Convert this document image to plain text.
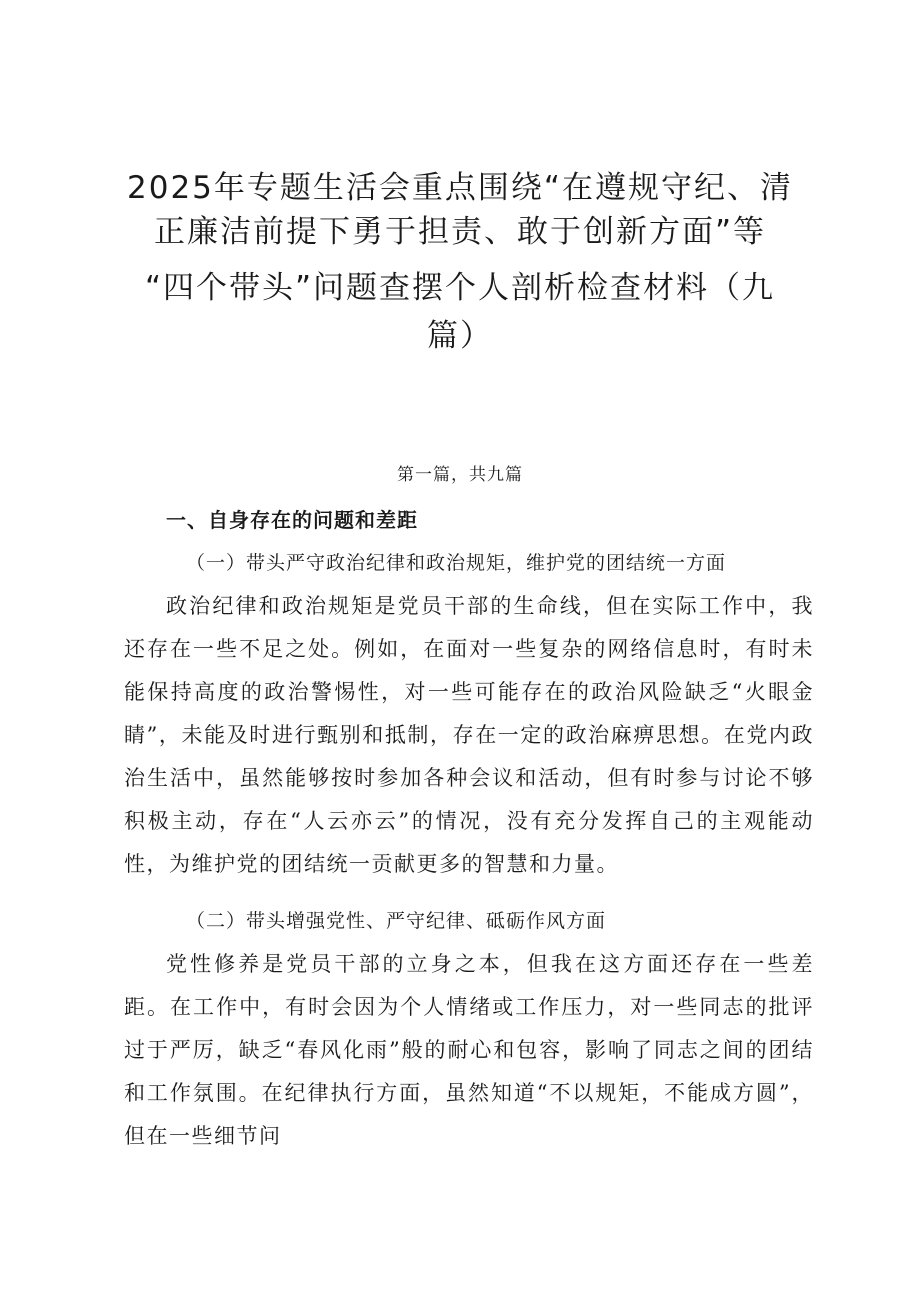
2025年专题生活会重点围绕“在遵规守纪、清
正廉洁前提下勇于担责、敢于创新方面”等
“四个带头”问题查摆个人剖析检查材料（九
篇）
第一篇，共九篇
一、自身存在的问题和差距
（一）带头严守政治纪律和政治规矩，维护党的团结统一方面

政治纪律和政治规矩是党员干部的生命线，但在实际工作中，我还存在一些不足之处。例如，在面对一些复杂的网络信息时，有时未能保持高度的政治警惕性，对一些可能存在的政治风险缺乏“火眼金睛”，未能及时进行甄别和抵制，存在一定的政治麻痹思想。在党内政治生活中，虽然能够按时参加各种会议和活动，但有时参与讨论不够积极主动，存在“人云亦云”的情况，没有充分发挥自己的主观能动性，为维护党的团结统一贡献更多的智慧和力量。

（二）带头增强党性、严守纪律、砥砺作风方面

党性修养是党员干部的立身之本，但我在这方面还存在一些差距。在工作中，有时会因为个人情绪或工作压力，对一些同志的批评过于严厉，缺乏“春风化雨”般的耐心和包容，影响了同志之间的团结和工作氛围。在纪律执行方面，虽然知道“不以规矩，不能成方圆”，但在一些细节问
